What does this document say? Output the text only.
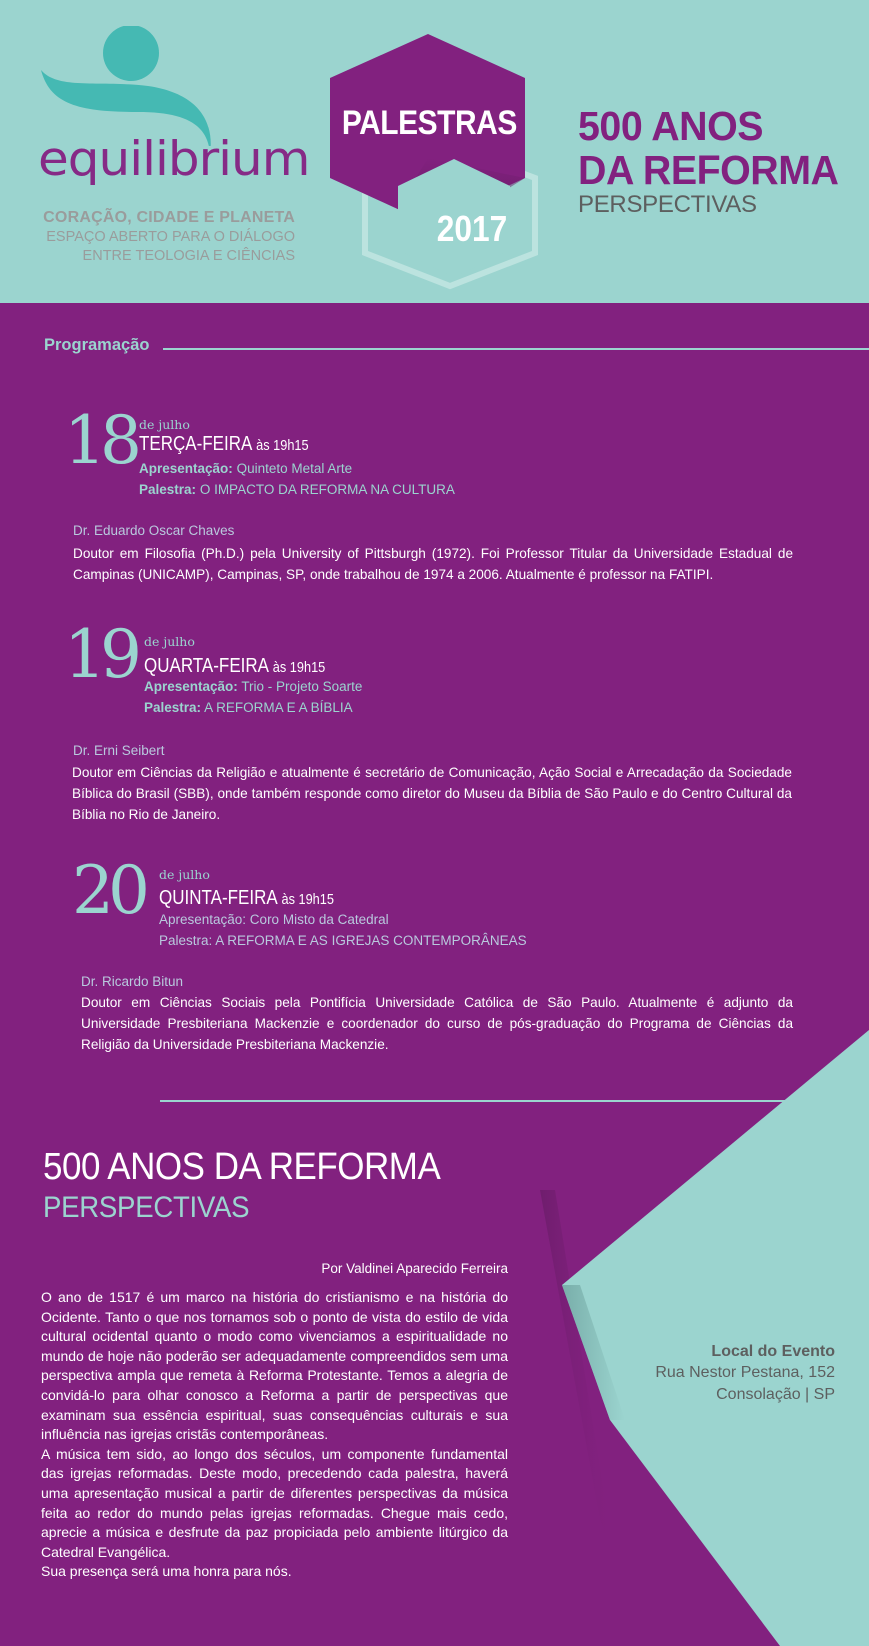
equilibrium
CORAÇÃO, CIDADE E PLANETA
ESPAÇO ABERTO PARA O DIÁLOGO
ENTRE TEOLOGIA E CIÊNCIAS
PALESTRAS
2017
500 ANOS
DA REFORMA
PERSPECTIVAS
Programação
18 de julho
TERÇA-FEIRA às 19h15
Apresentação: Quinteto Metal Arte
Palestra: O IMPACTO DA REFORMA NA CULTURA
Dr. Eduardo Oscar Chaves
Doutor em Filosofia (Ph.D.) pela University of Pittsburgh (1972). Foi Professor Titular da Universidade Estadual de Campinas (UNICAMP), Campinas, SP, onde trabalhou de 1974 a 2006. Atualmente é professor na FATIPI.
19 de julho
QUARTA-FEIRA às 19h15
Apresentação: Trio - Projeto Soarte
Palestra: A REFORMA E A BÍBLIA
Dr. Erni Seibert
Doutor em Ciências da Religião e atualmente é secretário de Comunicação, Ação Social e Arrecadação da Sociedade Bíblica do Brasil (SBB), onde também responde como diretor do Museu da Bíblia de São Paulo e do Centro Cultural da Bíblia no Rio de Janeiro.
20 de julho
QUINTA-FEIRA às 19h15
Apresentação: Coro Misto da Catedral
Palestra: A REFORMA E AS IGREJAS CONTEMPORÂNEAS
Dr. Ricardo Bitun
Doutor em Ciências Sociais pela Pontifícia Universidade Católica de São Paulo. Atualmente é adjunto da Universidade Presbiteriana Mackenzie e coordenador do curso de pós-graduação do Programa de Ciências da Religião da Universidade Presbiteriana Mackenzie.
500 ANOS DA REFORMA
PERSPECTIVAS
Por Valdinei Aparecido Ferreira

O ano de 1517 é um marco na história do cristianismo e na história do Ocidente. Tanto o que nos tornamos sob o ponto de vista do estilo de vida cultural ocidental quanto o modo como vivenciamos a espiritualidade no mundo de hoje não poderão ser adequadamente compreendidos sem uma perspectiva ampla que remeta à Reforma Protestante. Temos a alegria de convidá-lo para olhar conosco a Reforma a partir de perspectivas que examinam sua essência espiritual, suas consequências culturais e sua influência nas igrejas cristãs contemporâneas.

A música tem sido, ao longo dos séculos, um componente fundamental das igrejas reformadas. Deste modo, precedendo cada palestra, haverá uma apresentação musical a partir de diferentes perspectivas da música feita ao redor do mundo pelas igrejas reformadas. Chegue mais cedo, aprecie a música e desfrute da paz propiciada pelo ambiente litúrgico da Catedral Evangélica.

Sua presença será uma honra para nós.

Local do Evento
Rua Nestor Pestana, 152
Consolação | SP
